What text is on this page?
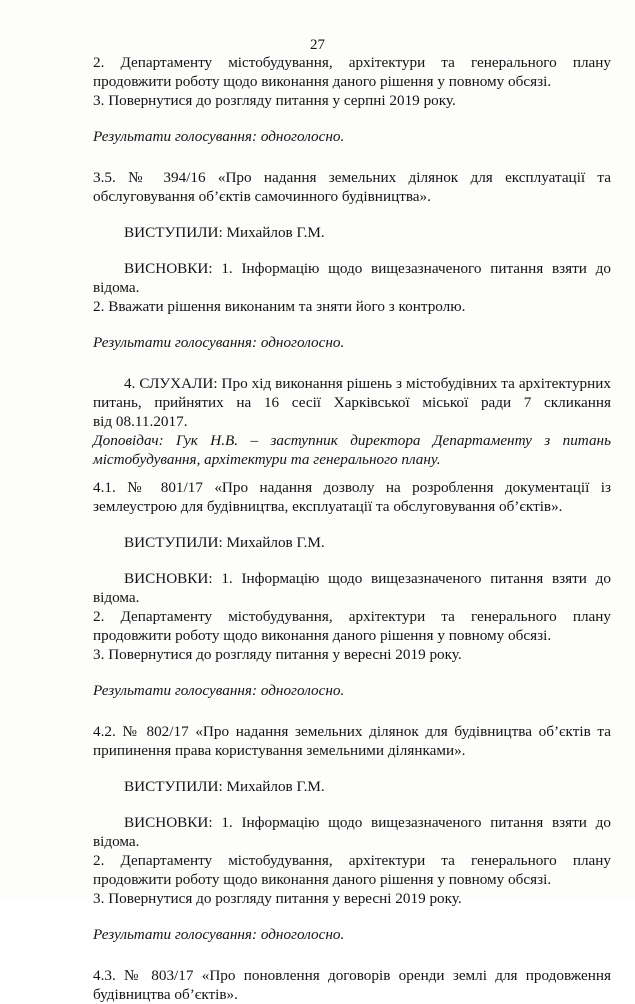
27

2. Департаменту містобудування, архітектури та генерального плану
продовжити роботу щодо виконання даного рішення у повному обсязі.
3. Повернутися до розгляду питання у серпні 2019 року.

Результати голосування: одноголосно.

3.5. № 394/16 «Про надання земельних ділянок для експлуатації та
обслуговування об’єктів самочинного будівництва».

ВИСТУПИЛИ: Михайлов Г.М.

ВИСНОВКИ: 1. Інформацію щодо вищезазначеного питання взяти до
відома.
2. Вважати рішення виконаним та зняти його з контролю.

Результати голосування: одноголосно.

4. СЛУХАЛИ: Про хід виконання рішень з містобудівних та архітектурних
питань, прийнятих на 16 сесії Харківської міської ради 7 скликання
від 08.11.2017.

Доповідач: Гук Н.В. – заступник директора Департаменту з питань
містобудування, архітектури та генерального плану.

4.1. № 801/17 «Про надання дозволу на розроблення документації із
землеустрою для будівництва, експлуатації та обслуговування об’єктів».

ВИСТУПИЛИ: Михайлов Г.М.

ВИСНОВКИ: 1. Інформацію щодо вищезазначеного питання взяти до
відома.
2. Департаменту містобудування, архітектури та генерального плану
продовжити роботу щодо виконання даного рішення у повному обсязі.
3. Повернутися до розгляду питання у вересні 2019 року.

Результати голосування: одноголосно.

4.2. № 802/17 «Про надання земельних ділянок для будівництва об’єктів та
припинення права користування земельними ділянками».

ВИСТУПИЛИ: Михайлов Г.М.

ВИСНОВКИ: 1. Інформацію щодо вищезазначеного питання взяти до
відома.
2. Департаменту містобудування, архітектури та генерального плану
продовжити роботу щодо виконання даного рішення у повному обсязі.
3. Повернутися до розгляду питання у вересні 2019 року.

Результати голосування: одноголосно.

4.3. № 803/17 «Про поновлення договорів оренди землі для продовження
будівництва об’єктів».
